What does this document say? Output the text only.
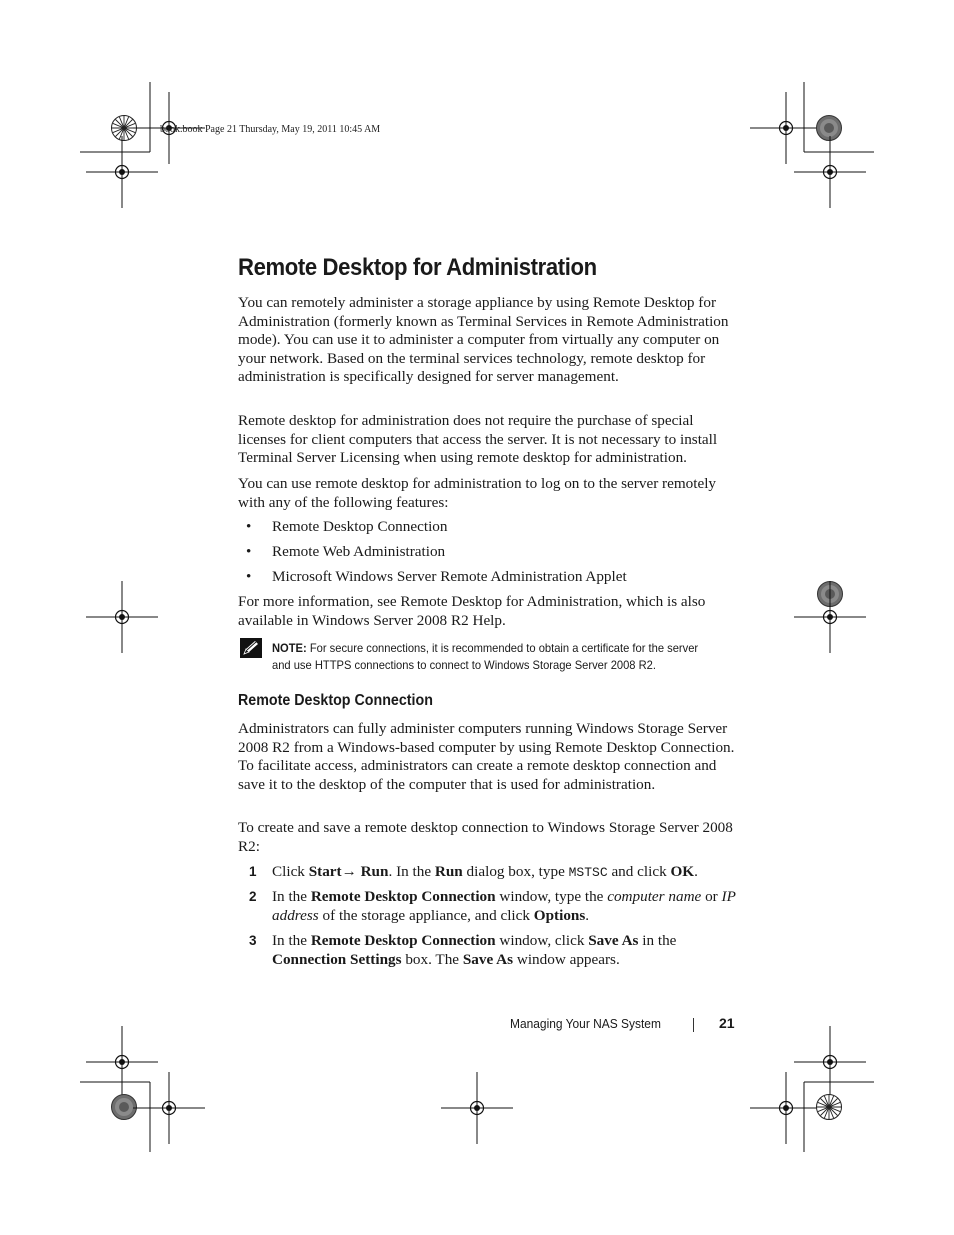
book.book Page 21 Thursday, May 19, 2011 10:45 AM
Remote Desktop for Administration

You can remotely administer a storage appliance by using Remote Desktop for Administration (formerly known as Terminal Services in Remote Administration mode). You can use it to administer a computer from virtually any computer on your network. Based on the terminal services technology, remote desktop for administration is specifically designed for server management.

Remote desktop for administration does not require the purchase of special licenses for client computers that access the server. It is not necessary to install Terminal Server Licensing when using remote desktop for administration.

You can use remote desktop for administration to log on to the server remotely with any of the following features:

• Remote Desktop Connection
• Remote Web Administration
• Microsoft Windows Server Remote Administration Applet

For more information, see Remote Desktop for Administration, which is also available in Windows Server 2008 R2 Help.

NOTE: For secure connections, it is recommended to obtain a certificate for the server and use HTTPS connections to connect to Windows Storage Server 2008 R2.
Remote Desktop Connection

Administrators can fully administer computers running Windows Storage Server 2008 R2 from a Windows-based computer by using Remote Desktop Connection. To facilitate access, administrators can create a remote desktop connection and save it to the desktop of the computer that is used for administration.

To create and save a remote desktop connection to Windows Storage Server 2008 R2:

1 Click Start→ Run. In the Run dialog box, type MSTSC and click OK.
2 In the Remote Desktop Connection window, type the computer name or IP address of the storage appliance, and click Options.
3 In the Remote Desktop Connection window, click Save As in the Connection Settings box. The Save As window appears.
Managing Your NAS System	21
